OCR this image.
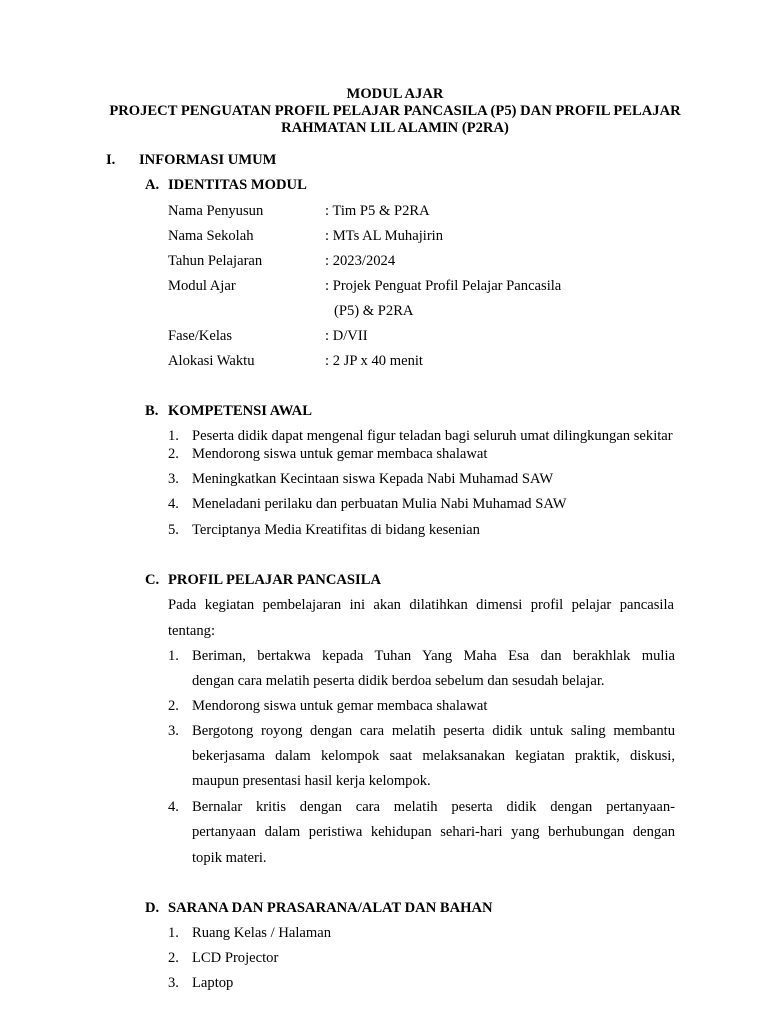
MODUL AJAR
PROJECT PENGUATAN PROFIL PELAJAR PANCASILA (P5) DAN PROFIL PELAJAR
RAHMATAN LIL ALAMIN (P2RA)
I. INFORMASI UMUM
A. IDENTITAS MODUL
Nama Penyusun	: Tim P5 & P2RA
Nama Sekolah	: MTs AL Muhajirin
Tahun Pelajaran	: 2023/2024
Modul Ajar	: Projek Penguat Profil Pelajar Pancasila
(P5) & P2RA
Fase/Kelas	: D/VII
Alokasi Waktu	: 2 JP x 40 menit
B. KOMPETENSI AWAL
1. Peserta didik dapat mengenal figur teladan bagi seluruh umat dilingkungan sekitar
2. Mendorong siswa untuk gemar membaca shalawat
3. Meningkatkan Kecintaan siswa Kepada Nabi Muhamad SAW
4. Meneladani perilaku dan perbuatan Mulia Nabi Muhamad SAW
5. Terciptanya Media Kreatifitas di bidang kesenian
C. PROFIL PELAJAR PANCASILA
Pada kegiatan pembelajaran ini akan dilatihkan dimensi profil pelajar pancasila
tentang:
1. Beriman, bertakwa kepada Tuhan Yang Maha Esa dan berakhlak mulia
dengan cara melatih peserta didik berdoa sebelum dan sesudah belajar.
2. Mendorong siswa untuk gemar membaca shalawat
3. Bergotong royong dengan cara melatih peserta didik untuk saling membantu
bekerjasama dalam kelompok saat melaksanakan kegiatan praktik, diskusi,
maupun presentasi hasil kerja kelompok.
4. Bernalar kritis dengan cara melatih peserta didik dengan pertanyaan-
pertanyaan dalam peristiwa kehidupan sehari-hari yang berhubungan dengan
topik materi.
D. SARANA DAN PRASARANA/ALAT DAN BAHAN
1. Ruang Kelas / Halaman
2. LCD Projector
3. Laptop
